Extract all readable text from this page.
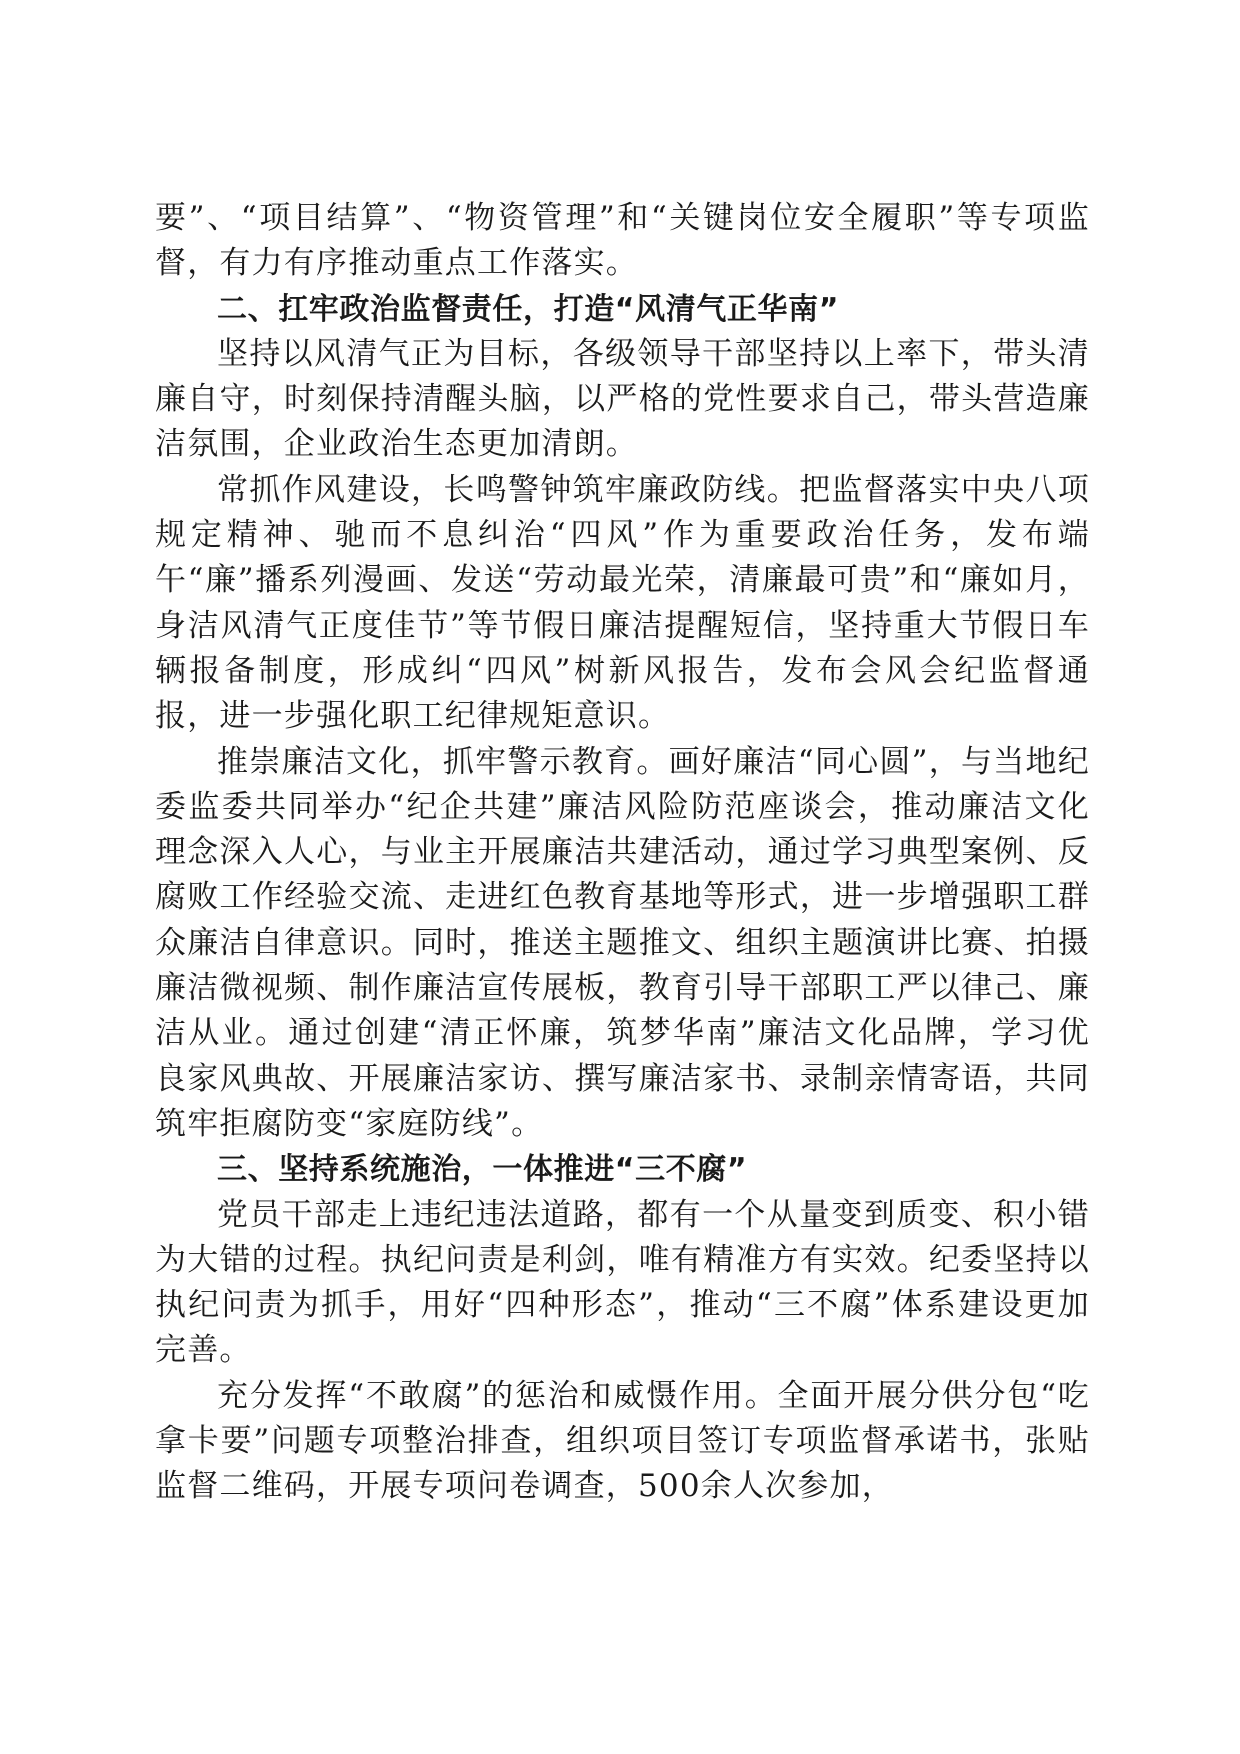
要”、“项目结算”、“物资管理”和“关键岗位安全履职”等专项监督，有力有序推动重点工作落实。

二、扛牢政治监督责任，打造“风清气正华南”

坚持以风清气正为目标，各级领导干部坚持以上率下，带头清廉自守，时刻保持清醒头脑，以严格的党性要求自己，带头营造廉洁氛围，企业政治生态更加清朗。

常抓作风建设，长鸣警钟筑牢廉政防线。把监督落实中央八项规定精神、驰而不息纠治“四风”作为重要政治任务，发布端午“廉”播系列漫画、发送“劳动最光荣，清廉最可贵”和“廉如月，身洁风清气正度佳节”等节假日廉洁提醒短信，坚持重大节假日车辆报备制度，形成纠“四风”树新风报告，发布会风会纪监督通报，进一步强化职工纪律规矩意识。

推崇廉洁文化，抓牢警示教育。画好廉洁“同心圆”，与当地纪委监委共同举办“纪企共建”廉洁风险防范座谈会，推动廉洁文化理念深入人心，与业主开展廉洁共建活动，通过学习典型案例、反腐败工作经验交流、走进红色教育基地等形式，进一步增强职工群众廉洁自律意识。同时，推送主题推文、组织主题演讲比赛、拍摄廉洁微视频、制作廉洁宣传展板，教育引导干部职工严以律己、廉洁从业。通过创建“清正怀廉，筑梦华南”廉洁文化品牌，学习优良家风典故、开展廉洁家访、撰写廉洁家书、录制亲情寄语，共同筑牢拒腐防变“家庭防线”。

三、坚持系统施治，一体推进“三不腐”

党员干部走上违纪违法道路，都有一个从量变到质变、积小错为大错的过程。执纪问责是利剑，唯有精准方有实效。纪委坚持以执纪问责为抓手，用好“四种形态”，推动“三不腐”体系建设更加完善。

充分发挥“不敢腐”的惩治和威慑作用。全面开展分供分包“吃拿卡要”问题专项整治排查，组织项目签订专项监督承诺书，张贴监督二维码，开展专项问卷调查，500余人次参加，
